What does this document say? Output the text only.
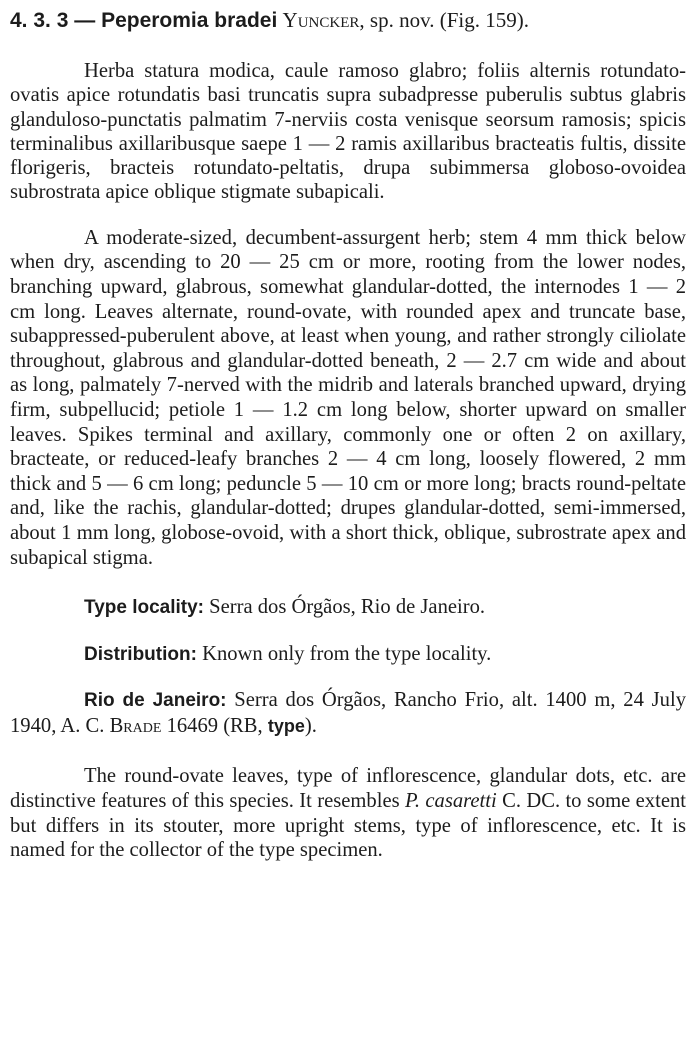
4. 3. 3 — Peperomia bradei Yuncker, sp. nov. (Fig. 159).

Herba statura modica, caule ramoso glabro; foliis alternis rotundato-ovatis apice rotundatis basi truncatis supra subadpresse puberulis subtus glabris glanduloso-punctatis palmatim 7-nerviis costa venisque seorsum ramosis; spicis terminalibus axillaribusque saepe 1 — 2 ramis axillaribus bracteatis fultis, dissite florigeris, bracteis rotundato-peltatis, drupa subimmersa globoso-ovoidea subrostrata apice oblique stigmate subapicali.

A moderate-sized, decumbent-assurgent herb; stem 4 mm thick below when dry, ascending to 20 — 25 cm or more, rooting from the lower nodes, branching upward, glabrous, somewhat glandular-dotted, the internodes 1 — 2 cm long. Leaves alternate, round-ovate, with rounded apex and truncate base, subappressed-puberulent above, at least when young, and rather strongly ciliolate throughout, glabrous and glandular-dotted beneath, 2 — 2.7 cm wide and about as long, palmately 7-nerved with the midrib and laterals branched upward, drying firm, subpellucid; petiole 1 — 1.2 cm long below, shorter upward on smaller leaves. Spikes terminal and axillary, commonly one or often 2 on axillary, bracteate, or reduced-leafy branches 2 — 4 cm long, loosely flowered, 2 mm thick and 5 — 6 cm long; peduncle 5 — 10 cm or more long; bracts round-peltate and, like the rachis, glandular-dotted; drupes glandular-dotted, semi-immersed, about 1 mm long, globose-ovoid, with a short thick, oblique, subrostrate apex and subapical stigma.

Type locality: Serra dos Órgãos, Rio de Janeiro.

Distribution: Known only from the type locality.

Rio de Janeiro: Serra dos Órgãos, Rancho Frio, alt. 1400 m, 24 July 1940, A. C. Brade 16469 (RB, type).

The round-ovate leaves, type of inflorescence, glandular dots, etc. are distinctive features of this species. It resembles P. casaretti C. DC. to some extent but differs in its stouter, more upright stems, type of inflorescence, etc. It is named for the collector of the type specimen.
